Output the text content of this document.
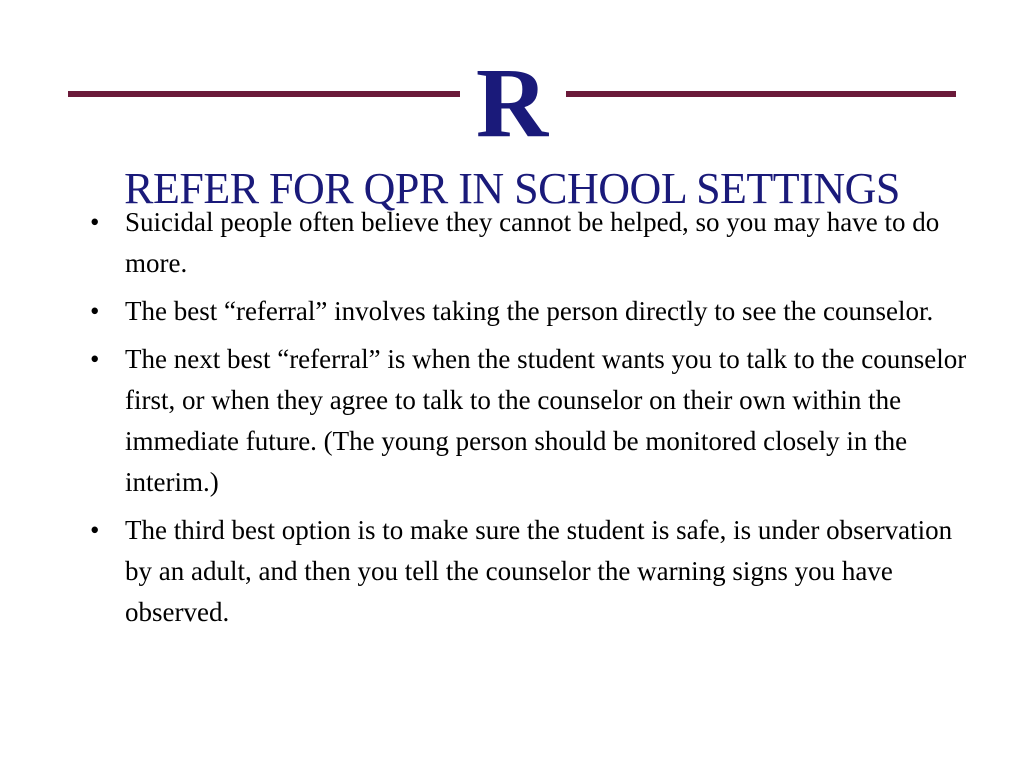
R
REFER FOR QPR IN SCHOOL SETTINGS
• Suicidal people often believe they cannot be helped, so you may have to do more.
• The best “referral” involves taking the person directly to see the counselor.
• The next best “referral” is when the student wants you to talk to the counselor first, or when they agree to talk to the counselor on their own within the immediate future. (The young person should be monitored closely in the interim.)
• The third best option is to make sure the student is safe, is under observation by an adult, and then you tell the counselor the warning signs you have observed.
